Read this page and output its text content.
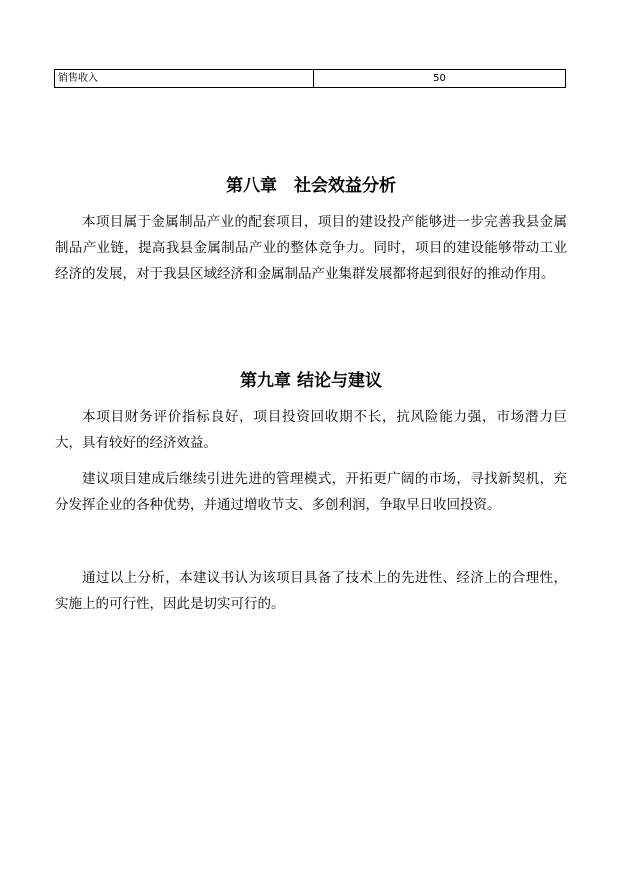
销售收入	50
第八章　社会效益分析

本项目属于金属制品产业的配套项目，项目的建设投产能够进一步完善我县金属制品产业链，提高我县金属制品产业的整体竞争力。同时，项目的建设能够带动工业经济的发展，对于我县区域经济和金属制品产业集群发展都将起到很好的推动作用。

第九章 结论与建议

本项目财务评价指标良好，项目投资回收期不长，抗风险能力强，市场潜力巨大，具有较好的经济效益。

建议项目建成后继续引进先进的管理模式，开拓更广阔的市场，寻找新契机，充分发挥企业的各种优势，并通过增收节支、多创利润，争取早日收回投资。

通过以上分析，本建议书认为该项目具备了技术上的先进性、经济上的合理性，实施上的可行性，因此是切实可行的。
